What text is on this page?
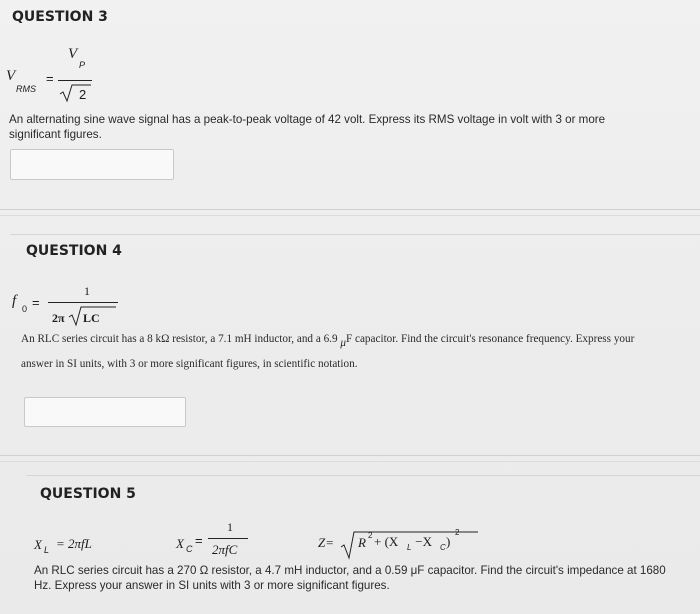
QUESTION 3
V
RMS
=
V
P
2
An alternating sine wave signal has a peak-to-peak voltage of 42 volt. Express its RMS voltage in volt with 3 or more
significant figures.
QUESTION 4
f 0 =
1
2π LC
An RLC series circuit has a 8 kΩ resistor, a 7.1 mH inductor, and a 6.9 μF capacitor. Find the circuit's resonance frequency. Express your
answer in SI units, with 3 or more significant figures, in scientific notation.
QUESTION 5
X L = 2πfL	X C
=
1
2πfC	Z= R 2 + (X L −X C )
2
An RLC series circuit has a 270 Ω resistor, a 4.7 mH inductor, and a 0.59 μF capacitor. Find the circuit's impedance at 1680
Hz. Express your answer in SI units with 3 or more significant figures.
